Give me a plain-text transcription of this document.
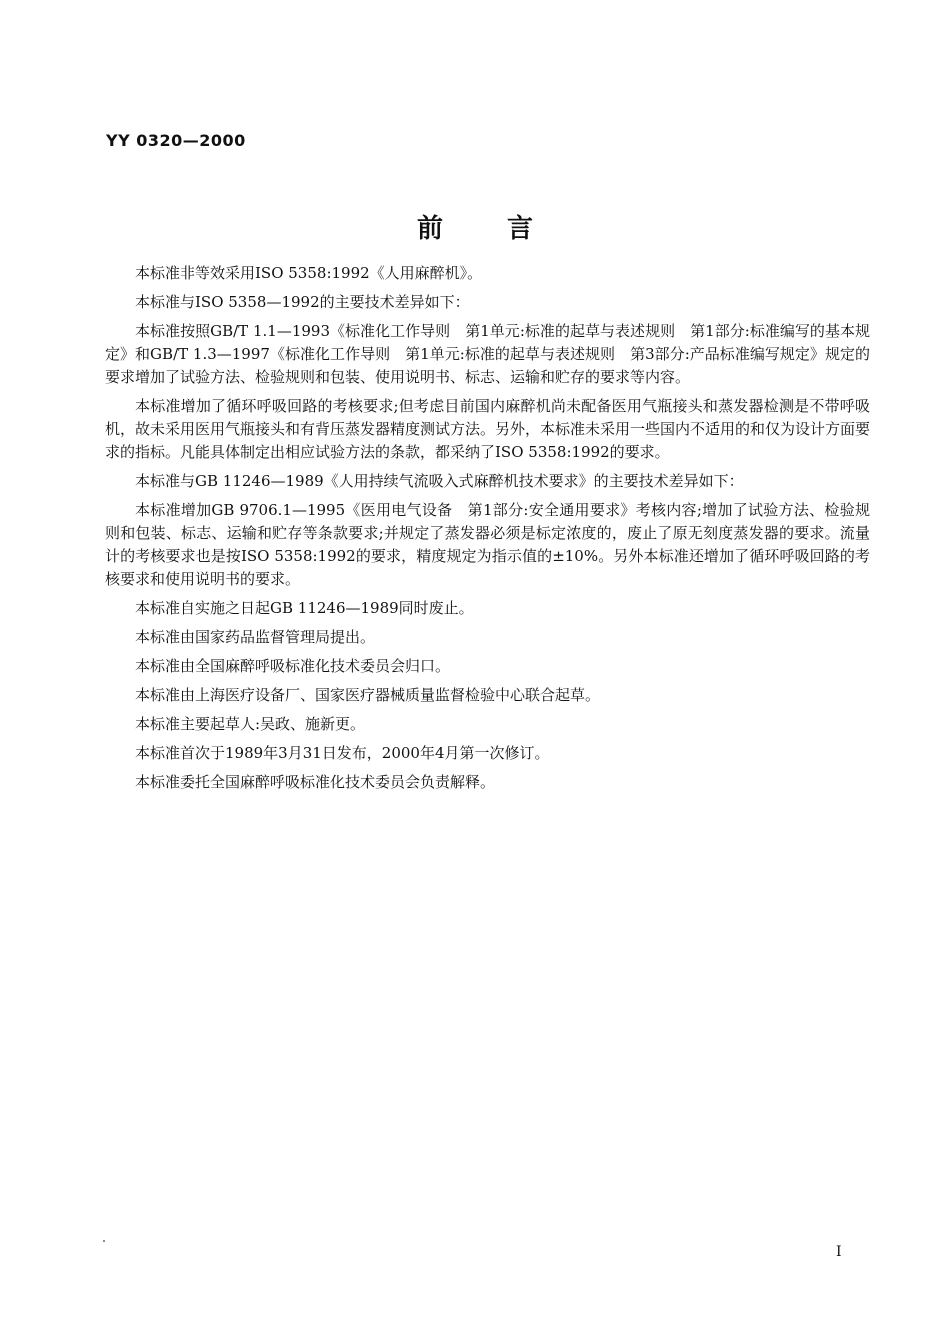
YY 0320—2000
前言

本标准非等效采用ISO 5358:1992《人用麻醉机》。

本标准与ISO 5358—1992的主要技术差异如下：

本标准按照GB/T 1.1—1993《标准化工作导则　第1单元:标准的起草与表述规则　第1部分:标准编写的基本规定》和GB/T 1.3—1997《标准化工作导则　第1单元:标准的起草与表述规则　第3部分:产品标准编写规定》规定的要求增加了试验方法、检验规则和包装、使用说明书、标志、运输和贮存的要求等内容。

本标准增加了循环呼吸回路的考核要求;但考虑目前国内麻醉机尚未配备医用气瓶接头和蒸发器检测是不带呼吸机，故未采用医用气瓶接头和有背压蒸发器精度测试方法。另外，本标准未采用一些国内不适用的和仅为设计方面要求的指标。凡能具体制定出相应试验方法的条款，都采纳了ISO 5358:1992的要求。

本标准与GB 11246—1989《人用持续气流吸入式麻醉机技术要求》的主要技术差异如下：

本标准增加GB 9706.1—1995《医用电气设备　第1部分:安全通用要求》考核内容;增加了试验方法、检验规则和包装、标志、运输和贮存等条款要求;并规定了蒸发器必须是标定浓度的，废止了原无刻度蒸发器的要求。流量计的考核要求也是按ISO 5358:1992的要求，精度规定为指示值的±10%。另外本标准还增加了循环呼吸回路的考核要求和使用说明书的要求。

本标准自实施之日起GB 11246—1989同时废止。

本标准由国家药品监督管理局提出。

本标准由全国麻醉呼吸标准化技术委员会归口。

本标准由上海医疗设备厂、国家医疗器械质量监督检验中心联合起草。

本标准主要起草人:吴政、施新更。

本标准首次于1989年3月31日发布，2000年4月第一次修订。

本标准委托全国麻醉呼吸标准化技术委员会负责解释。

I
